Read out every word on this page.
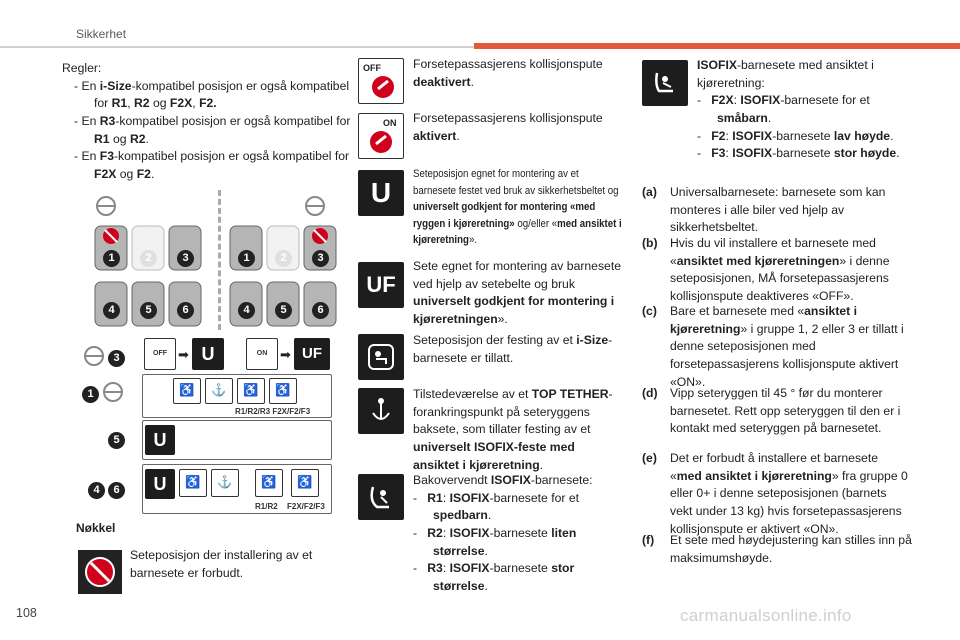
Sikkerhet
Regler:
- En i-Size-kompatibel posisjon er også kompatibel for R1, R2 og F2X, F2.
- En R3-kompatibel posisjon er også kompatibel for R1 og R2.
- En F3-kompatibel posisjon er også kompatibel for F2X og F2.
1	2	3
4	5	6
1	2	3
4	5	6
3	OFF ➡ U	ON ➡ UF
1	♿	⚓	♿	♿
R1/R2/R3 F2X/F2/F3
5	U
4	6	U	♿	⚓	♿	♿
R1/R2 F2X/F2/F3
Nøkkel
Seteposisjon der installering av et barnesete er forbudt.
OFF	Forsetepassasjerens kollisjonspute deaktivert.
ON Forsetepassasjerens kollisjonspute aktivert.
U
Seteposisjon egnet for montering av et barnesete festet ved bruk av sikkerhetsbeltet og universelt godkjent for montering «med ryggen i kjøreretning» og/eller «med ansiktet i kjøreretning».
UF
Sete egnet for montering av barnesete ved hjelp av setebelte og bruk universelt godkjent for montering i kjøreretningen».
Seteposisjon der festing av et i-Size-barnesete er tillatt.
Tilstedeværelse av et TOP TETHER-forankringspunkt på seteryggens baksete, som tillater festing av et universelt ISOFIX-feste med ansiktet i kjøreretning.
Bakovervendt ISOFIX-barnesete:
-   R1: ISOFIX-barnesete for et spedbarn.
-   R2: ISOFIX-barnesete liten størrelse.
-   R3: ISOFIX-barnesete stor størrelse.
ISOFIX-barnesete med ansiktet i kjøreretning:
-   F2X: ISOFIX-barnesete for et småbarn.
-   F2: ISOFIX-barnesete lav høyde.
-   F3: ISOFIX-barnesete stor høyde.
(a) Universalbarnesete: barnesete som kan monteres i alle biler ved hjelp av sikkerhetsbeltet.
(b) Hvis du vil installere et barnesete med «ansiktet med kjøreretningen» i denne seteposisjonen, MÅ forsetepassasjerens kollisjonspute deaktiveres «OFF».
(c) Bare et barnesete med «ansiktet i kjøreretning» i gruppe 1, 2 eller 3 er tillatt i denne seteposisjonen med forsetepassasjerens kollisjonspute aktivert «ON».
(d) Vipp seteryggen til 45 ° før du monterer barnesetet. Rett opp seteryggen til den er i kontakt med seteryggen på barnesetet.
(e) Det er forbudt å installere et barnesete «med ansiktet i kjøreretning» fra gruppe 0 eller 0+ i denne seteposisjonen (barnets vekt under 13 kg) hvis forsetepassasjerens kollisjonspute er aktivert «ON».
(f) Et sete med høydejustering kan stilles inn på maksimumshøyde.
108	carmanualsonline.info
